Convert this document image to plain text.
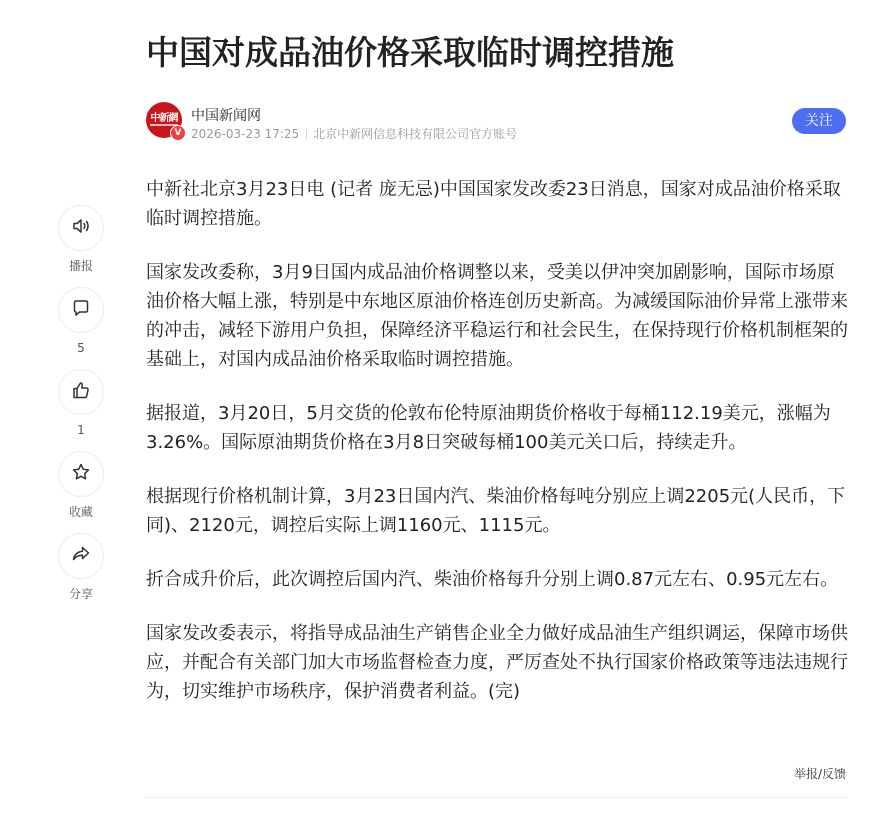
中国对成品油价格采取临时调控措施
中新網
V
中国新闻网
2026-03-23 17:25 北京中新网信息科技有限公司官方账号
关注
播报
5
1
收藏
分享

中新社北京3月23日电 (记者 庞无忌)中国国家发改委23日消息，国家对成品油价格采取临时调控措施。

国家发改委称，3月9日国内成品油价格调整以来，受美以伊冲突加剧影响，国际市场原油价格大幅上涨，特别是中东地区原油价格连创历史新高。为减缓国际油价异常上涨带来的冲击，减轻下游用户负担，保障经济平稳运行和社会民生，在保持现行价格机制框架的基础上，对国内成品油价格采取临时调控措施。

据报道，3月20日，5月交货的伦敦布伦特原油期货价格收于每桶112.19美元，涨幅为3.26%。国际原油期货价格在3月8日突破每桶100美元关口后，持续走升。

根据现行价格机制计算，3月23日国内汽、柴油价格每吨分别应上调2205元(人民币，下同)、2120元，调控后实际上调1160元、1115元。

折合成升价后，此次调控后国内汽、柴油价格每升分别上调0.87元左右、0.95元左右。

国家发改委表示，将指导成品油生产销售企业全力做好成品油生产组织调运，保障市场供应，并配合有关部门加大市场监督检查力度，严厉查处不执行国家价格政策等违法违规行为，切实维护市场秩序，保护消费者利益。(完)

举报/反馈
